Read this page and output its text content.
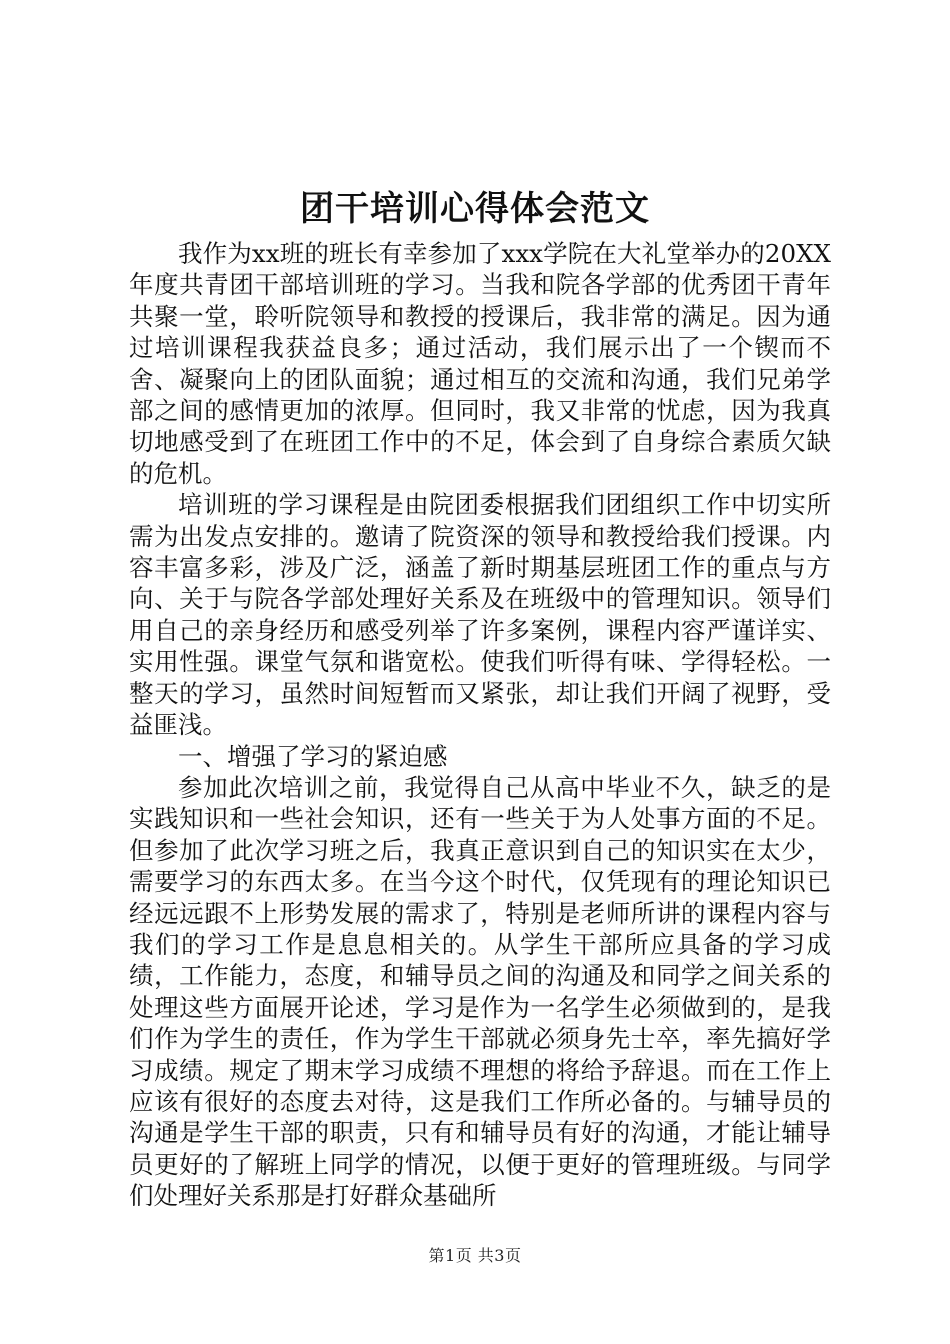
团干培训心得体会范文

我作为xx班的班长有幸参加了xxx学院在大礼堂举办的20XX年度共青团干部培训班的学习。当我和院各学部的优秀团干青年共聚一堂，聆听院领导和教授的授课后，我非常的满足。因为通过培训课程我获益良多；通过活动，我们展示出了一个锲而不舍、凝聚向上的团队面貌；通过相互的交流和沟通，我们兄弟学部之间的感情更加的浓厚。但同时，我又非常的忧虑，因为我真切地感受到了在班团工作中的不足，体会到了自身综合素质欠缺的危机。

培训班的学习课程是由院团委根据我们团组织工作中切实所需为出发点安排的。邀请了院资深的领导和教授给我们授课。内容丰富多彩，涉及广泛，涵盖了新时期基层班团工作的重点与方向、关于与院各学部处理好关系及在班级中的管理知识。领导们用自己的亲身经历和感受列举了许多案例，课程内容严谨详实、实用性强。课堂气氛和谐宽松。使我们听得有味、学得轻松。一整天的学习，虽然时间短暂而又紧张，却让我们开阔了视野，受益匪浅。

一、增强了学习的紧迫感

参加此次培训之前，我觉得自己从高中毕业不久，缺乏的是实践知识和一些社会知识，还有一些关于为人处事方面的不足。但参加了此次学习班之后，我真正意识到自己的知识实在太少，需要学习的东西太多。在当今这个时代，仅凭现有的理论知识已经远远跟不上形势发展的需求了，特别是老师所讲的课程内容与我们的学习工作是息息相关的。从学生干部所应具备的学习成绩，工作能力，态度，和辅导员之间的沟通及和同学之间关系的处理这些方面展开论述，学习是作为一名学生必须做到的，是我们作为学生的责任，作为学生干部就必须身先士卒，率先搞好学习成绩。规定了期末学习成绩不理想的将给予辞退。而在工作上应该有很好的态度去对待，这是我们工作所必备的。与辅导员的沟通是学生干部的职责，只有和辅导员有好的沟通，才能让辅导员更好的了解班上同学的情况，以便于更好的管理班级。与同学们处理好关系那是打好群众基础所

第1页 共3页
